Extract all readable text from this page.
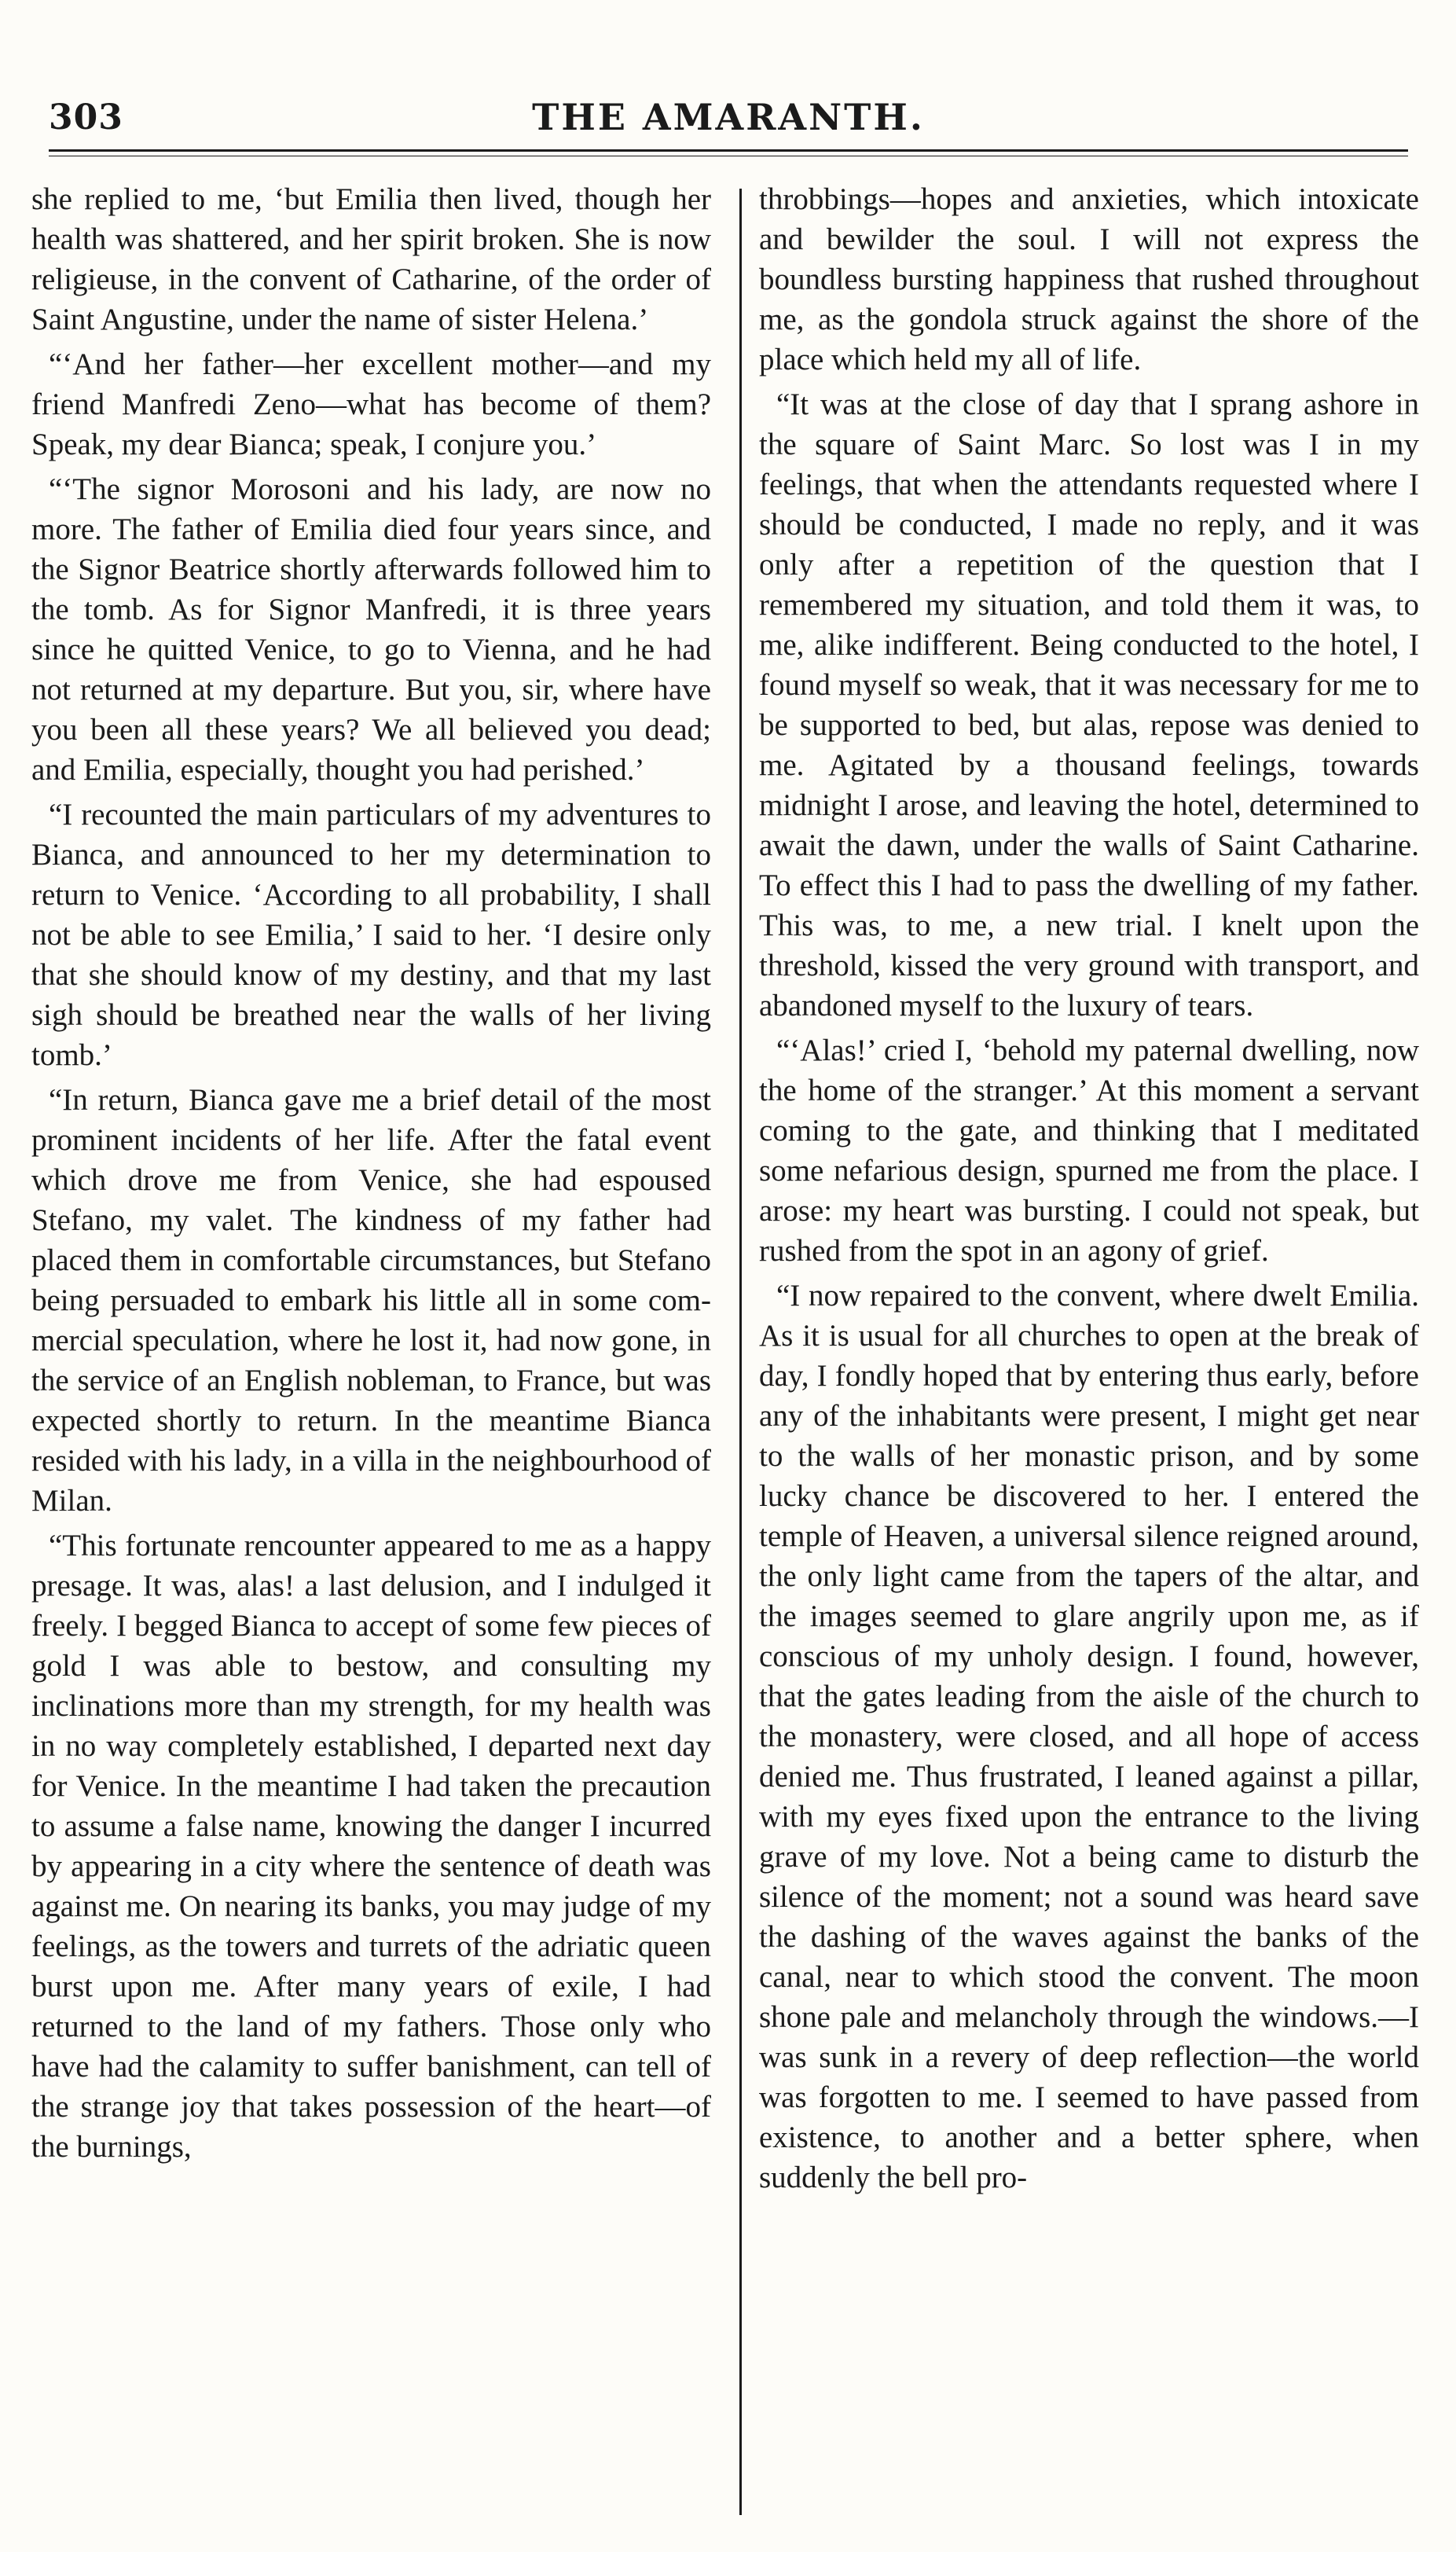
303	THE AMARANTH.

she replied to me, ‘but Emilia then lived, though her health was shattered, and her spirit broken. She is now religieuse, in the convent of Catharine, of the order of Saint Angustine, under the name of sister Helena.’

“‘And her father—her excellent mother—and my friend Manfredi Zeno—what has become of them? Speak, my dear Bianca; speak, I conjure you.’

“‘The signor Morosoni and his lady, are now no more. The father of Emilia died four years since, and the Signor Beatrice shortly afterwards followed him to the tomb. As for Signor Manfredi, it is three years since he quitted Venice, to go to Vienna, and he had not returned at my departure. But you, sir, where have you been all these years? We all believed you dead; and Emilia, especially, thought you had perished.’

“I recounted the main particulars of my adventures to Bianca, and announced to her my determination to return to Venice. ‘According to all probability, I shall not be able to see Emilia,’ I said to her. ‘I desire only that she should know of my destiny, and that my last sigh should be breathed near the walls of her living tomb.’

“In return, Bianca gave me a brief detail of the most prominent incidents of her life. After the fatal event which drove me from Venice, she had espoused Stefano, my valet. The kindness of my father had placed them in comfortable circumstances, but Stefano being persuaded to embark his little all in some commercial speculation, where he lost it, had now gone, in the service of an English nobleman, to France, but was expected shortly to return. In the meantime Bianca resided with his lady, in a villa in the neighbourhood of Milan.

“This fortunate rencounter appeared to me as a happy presage. It was, alas! a last delusion, and I indulged it freely. I begged Bianca to accept of some few pieces of gold I was able to bestow, and consulting my inclinations more than my strength, for my health was in no way completely established, I departed next day for Venice. In the meantime I had taken the precaution to assume a false name, knowing the danger I incurred by appearing in a city where the sentence of death was against me. On nearing its banks, you may judge of my feelings, as the towers and turrets of the adriatic queen burst upon me. After many years of exile, I had returned to the land of my fathers. Those only who have had the calamity to suffer banishment, can tell of the strange joy that takes possession of the heart—of the burnings,

throbbings—hopes and anxieties, which intoxicate and bewilder the soul. I will not express the boundless bursting happiness that rushed throughout me, as the gondola struck against the shore of the place which held my all of life.

“It was at the close of day that I sprang ashore in the square of Saint Marc. So lost was I in my feelings, that when the attendants requested where I should be conducted, I made no reply, and it was only after a repetition of the question that I remembered my situation, and told them it was, to me, alike indifferent. Being conducted to the hotel, I found myself so weak, that it was necessary for me to be supported to bed, but alas, repose was denied to me. Agitated by a thousand feelings, towards midnight I arose, and leaving the hotel, determined to await the dawn, under the walls of Saint Catharine. To effect this I had to pass the dwelling of my father. This was, to me, a new trial. I knelt upon the threshold, kissed the very ground with transport, and abandoned myself to the luxury of tears.

“‘Alas!’ cried I, ‘behold my paternal dwelling, now the home of the stranger.’ At this moment a servant coming to the gate, and thinking that I meditated some nefarious design, spurned me from the place. I arose: my heart was bursting. I could not speak, but rushed from the spot in an agony of grief.

“I now repaired to the convent, where dwelt Emilia. As it is usual for all churches to open at the break of day, I fondly hoped that by entering thus early, before any of the inhabitants were present, I might get near to the walls of her monastic prison, and by some lucky chance be discovered to her. I entered the temple of Heaven, a universal silence reigned around, the only light came from the tapers of the altar, and the images seemed to glare angrily upon me, as if conscious of my unholy design. I found, however, that the gates leading from the aisle of the church to the monastery, were closed, and all hope of access denied me. Thus frustrated, I leaned against a pillar, with my eyes fixed upon the entrance to the living grave of my love. Not a being came to disturb the silence of the moment; not a sound was heard save the dashing of the waves against the banks of the canal, near to which stood the convent. The moon shone pale and melancholy through the windows.—I was sunk in a revery of deep reflection—the world was forgotten to me. I seemed to have passed from existence, to another and a better sphere, when suddenly the bell pro-
